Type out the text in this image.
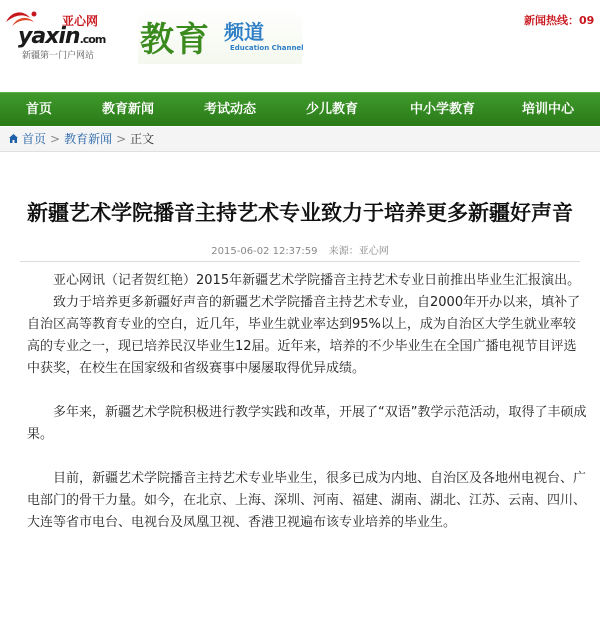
亚心网
yaxin.com
新疆第一门户网站 教育 频道
Education Channel
新闻热线：09
首页	教育新闻	考试动态	少儿教育	中小学教育	培训中心
首页 > 教育新闻 > 正文
新疆艺术学院播音主持艺术专业致力于培养更多新疆好声音
2015-06-02 12:37:59 来源：亚心网

亚心网讯（记者贺红艳）2015年新疆艺术学院播音主持艺术专业日前推出毕业生汇报演出。

致力于培养更多新疆好声音的新疆艺术学院播音主持艺术专业，自2000年开办以来，填补了自治区高等教育专业的空白，近几年，毕业生就业率达到95%以上，成为自治区大学生就业率较高的专业之一，现已培养民汉毕业生12届。近年来，培养的不少毕业生在全国广播电视节目评选中获奖，在校生在国家级和省级赛事中屡屡取得优异成绩。

多年来，新疆艺术学院积极进行教学实践和改革，开展了“双语”教学示范活动，取得了丰硕成果。

目前，新疆艺术学院播音主持艺术专业毕业生，很多已成为内地、自治区及各地州电视台、广电部门的骨干力量。如今，在北京、上海、深圳、河南、福建、湖南、湖北、江苏、云南、四川、大连等省市电台、电视台及凤凰卫视、香港卫视遍布该专业培养的毕业生。
